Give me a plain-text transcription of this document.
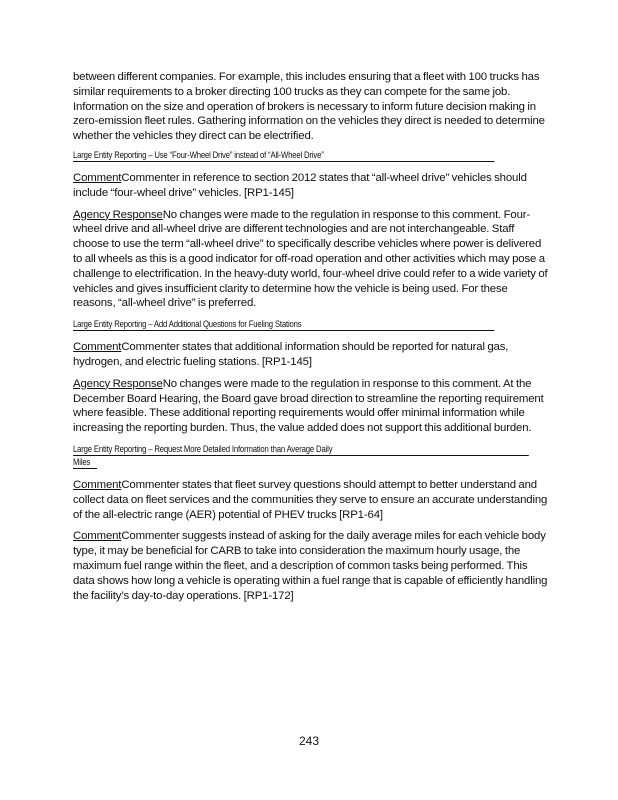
between different companies. For example, this includes ensuring that a fleet with 100 trucks has similar requirements to a broker directing 100 trucks as they can compete for the same job. Information on the size and operation of brokers is necessary to inform future decision making in zero-emission fleet rules. Gathering information on the vehicles they direct is needed to determine whether the vehicles they direct can be electrified.

Large Entity Reporting – Use “Four-Wheel Drive” instead of “All-Wheel Drive”

CommentCommenter in reference to section 2012 states that “all-wheel drive” vehicles should include “four-wheel drive” vehicles. [RP1-145]

Agency ResponseNo changes were made to the regulation in response to this comment. Four-wheel drive and all-wheel drive are different technologies and are not interchangeable. Staff choose to use the term “all-wheel drive” to specifically describe vehicles where power is delivered to all wheels as this is a good indicator for off-road operation and other activities which may pose a challenge to electrification. In the heavy-duty world, four-wheel drive could refer to a wide variety of vehicles and gives insufficient clarity to determine how the vehicle is being used. For these reasons, “all-wheel drive” is preferred.

Large Entity Reporting – Add Additional Questions for Fueling Stations

CommentCommenter states that additional information should be reported for natural gas, hydrogen, and electric fueling stations. [RP1-145]

Agency ResponseNo changes were made to the regulation in response to this comment. At the December Board Hearing, the Board gave broad direction to streamline the reporting requirement where feasible. These additional reporting requirements would offer minimal information while increasing the reporting burden. Thus, the value added does not support this additional burden.

Large Entity Reporting – Request More Detailed Information than Average Daily
Miles

CommentCommenter states that fleet survey questions should attempt to better understand and collect data on fleet services and the communities they serve to ensure an accurate understanding of the all-electric range (AER) potential of PHEV trucks [RP1-64]

CommentCommenter suggests instead of asking for the daily average miles for each vehicle body type, it may be beneficial for CARB to take into consideration the maximum hourly usage, the maximum fuel range within the fleet, and a description of common tasks being performed. This data shows how long a vehicle is operating within a fuel range that is capable of efficiently handling the facility’s day-to-day operations. [RP1-172]

243
